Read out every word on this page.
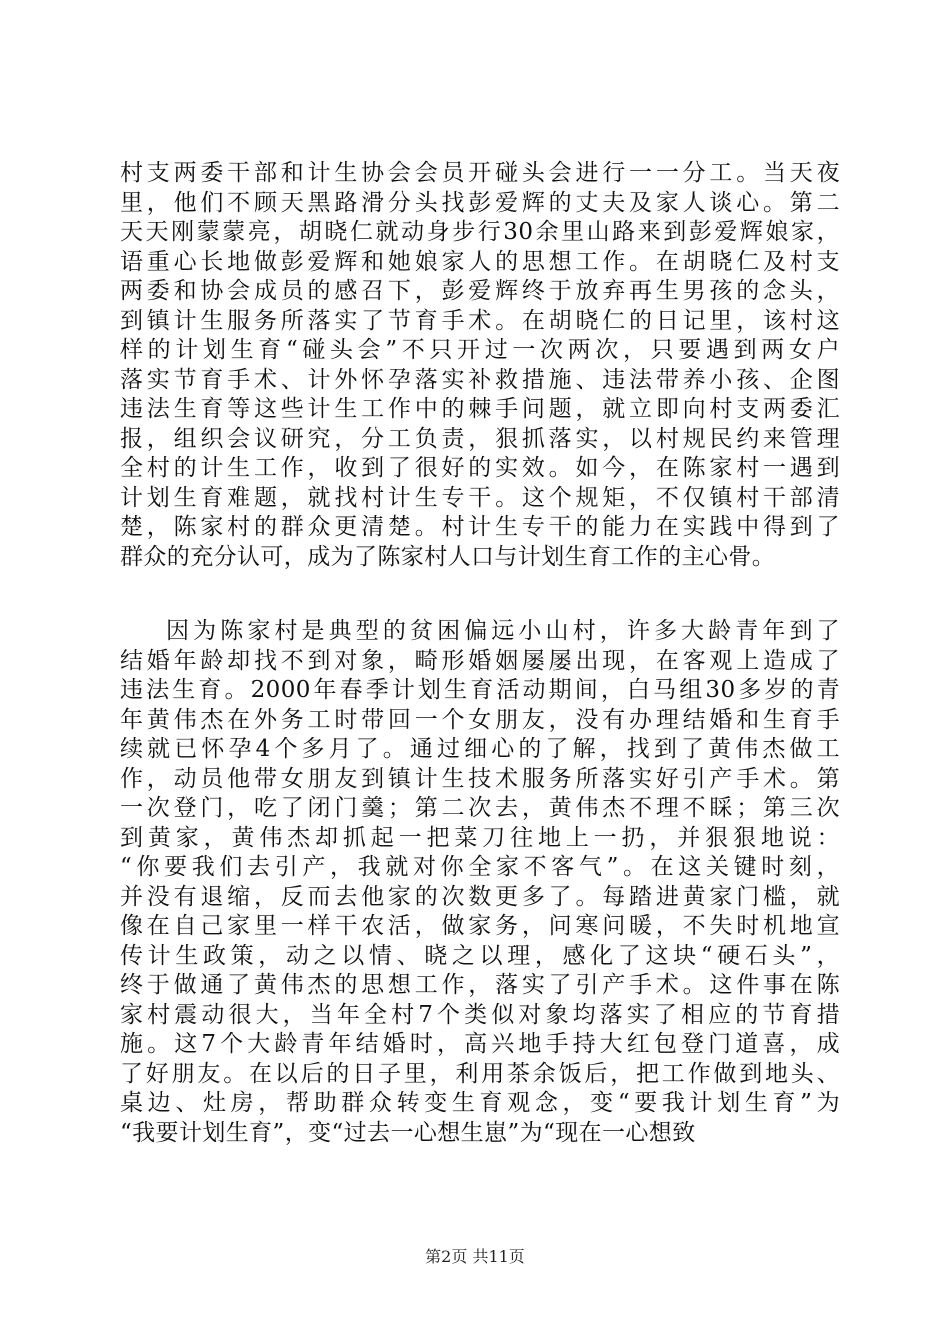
村支两委干部和计生协会会员开碰头会进行一一分工。当天夜
里，他们不顾天黑路滑分头找彭爱辉的丈夫及家人谈心。第二
天天刚蒙蒙亮，胡晓仁就动身步行30余里山路来到彭爱辉娘家，
语重心长地做彭爱辉和她娘家人的思想工作。在胡晓仁及村支
两委和协会成员的感召下，彭爱辉终于放弃再生男孩的念头，
到镇计生服务所落实了节育手术。在胡晓仁的日记里，该村这
样的计划生育“碰头会”不只开过一次两次，只要遇到两女户
落实节育手术、计外怀孕落实补救措施、违法带养小孩、企图
违法生育等这些计生工作中的棘手问题，就立即向村支两委汇
报，组织会议研究，分工负责，狠抓落实，以村规民约来管理
全村的计生工作，收到了很好的实效。如今，在陈家村一遇到
计划生育难题，就找村计生专干。这个规矩，不仅镇村干部清
楚，陈家村的群众更清楚。村计生专干的能力在实践中得到了
群众的充分认可，成为了陈家村人口与计划生育工作的主心骨。
因为陈家村是典型的贫困偏远小山村，许多大龄青年到了
结婚年龄却找不到对象，畸形婚姻屡屡出现，在客观上造成了
违法生育。2000年春季计划生育活动期间，白马组30多岁的青
年黄伟杰在外务工时带回一个女朋友，没有办理结婚和生育手
续就已怀孕4个多月了。通过细心的了解，找到了黄伟杰做工
作，动员他带女朋友到镇计生技术服务所落实好引产手术。第
一次登门，吃了闭门羹；第二次去，黄伟杰不理不睬；第三次
到黄家，黄伟杰却抓起一把菜刀往地上一扔，并狠狠地说：
“你要我们去引产，我就对你全家不客气”。在这关键时刻，
并没有退缩，反而去他家的次数更多了。每踏进黄家门槛，就
像在自己家里一样干农活，做家务，问寒问暖，不失时机地宣
传计生政策，动之以情、晓之以理，感化了这块“硬石头”，
终于做通了黄伟杰的思想工作，落实了引产手术。这件事在陈
家村震动很大，当年全村7个类似对象均落实了相应的节育措
施。这7个大龄青年结婚时，高兴地手持大红包登门道喜，成
了好朋友。在以后的日子里，利用茶余饭后，把工作做到地头、
桌边、灶房，帮助群众转变生育观念，变“要我计划生育”为
“我要计划生育”，变“过去一心想生崽”为“现在一心想致
第2页 共11页
